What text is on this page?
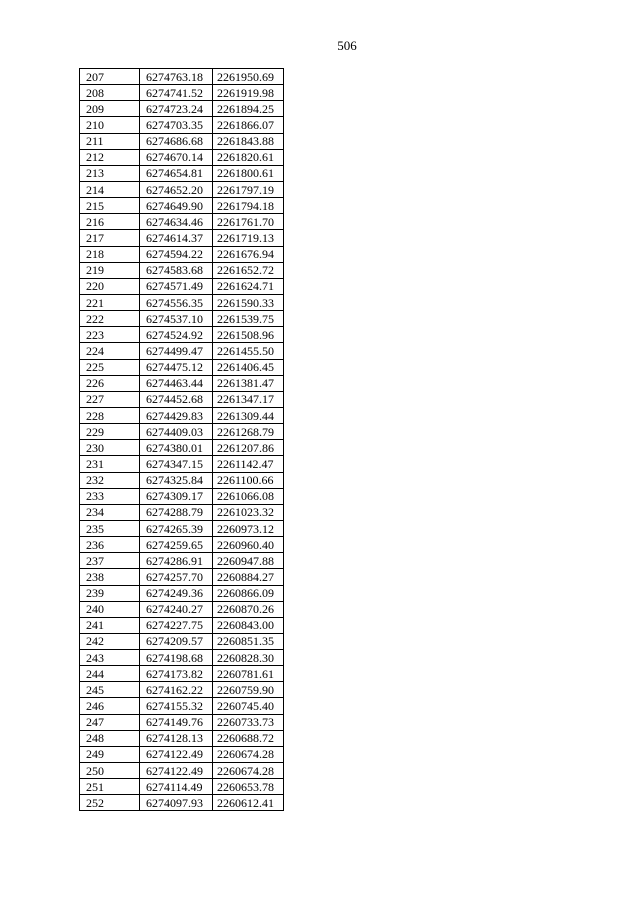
506
207	6274763.18	2261950.69
208	6274741.52	2261919.98
209	6274723.24	2261894.25
210	6274703.35	2261866.07
211	6274686.68	2261843.88
212	6274670.14	2261820.61
213	6274654.81	2261800.61
214	6274652.20	2261797.19
215	6274649.90	2261794.18
216	6274634.46	2261761.70
217	6274614.37	2261719.13
218	6274594.22	2261676.94
219	6274583.68	2261652.72
220	6274571.49	2261624.71
221	6274556.35	2261590.33
222	6274537.10	2261539.75
223	6274524.92	2261508.96
224	6274499.47	2261455.50
225	6274475.12	2261406.45
226	6274463.44	2261381.47
227	6274452.68	2261347.17
228	6274429.83	2261309.44
229	6274409.03	2261268.79
230	6274380.01	2261207.86
231	6274347.15	2261142.47
232	6274325.84	2261100.66
233	6274309.17	2261066.08
234	6274288.79	2261023.32
235	6274265.39	2260973.12
236	6274259.65	2260960.40
237	6274286.91	2260947.88
238	6274257.70	2260884.27
239	6274249.36	2260866.09
240	6274240.27	2260870.26
241	6274227.75	2260843.00
242	6274209.57	2260851.35
243	6274198.68	2260828.30
244	6274173.82	2260781.61
245	6274162.22	2260759.90
246	6274155.32	2260745.40
247	6274149.76	2260733.73
248	6274128.13	2260688.72
249	6274122.49	2260674.28
250	6274122.49	2260674.28
251	6274114.49	2260653.78
252	6274097.93	2260612.41
